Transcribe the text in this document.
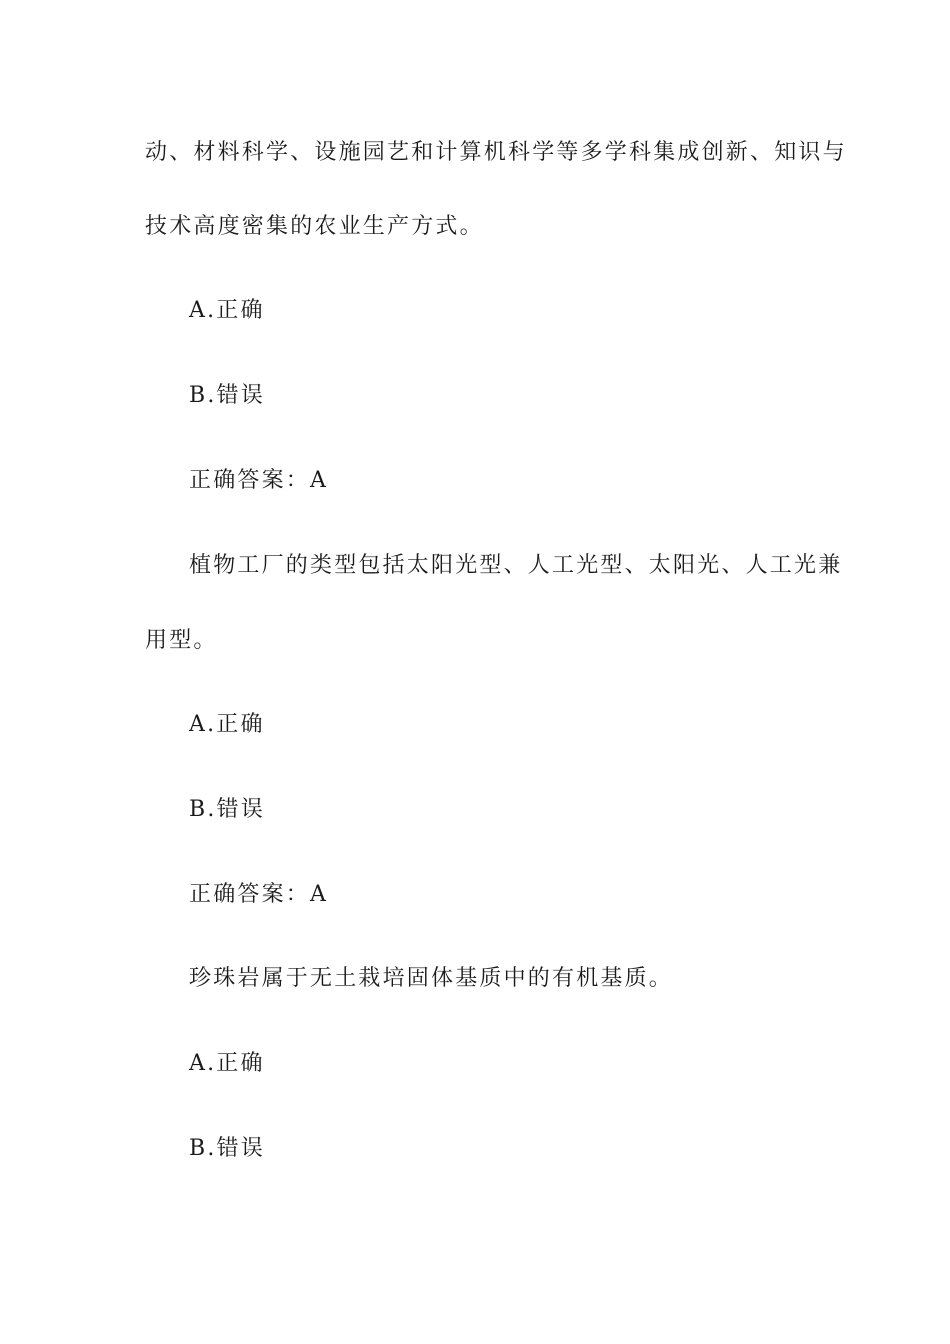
动、材料科学、设施园艺和计算机科学等多学科集成创新、知识与
技术高度密集的农业生产方式。
A.正确
B.错误
正确答案：A
植物工厂的类型包括太阳光型、人工光型、太阳光、人工光兼
用型。
A.正确
B.错误
正确答案：A
珍珠岩属于无土栽培固体基质中的有机基质。
A.正确
B.错误
